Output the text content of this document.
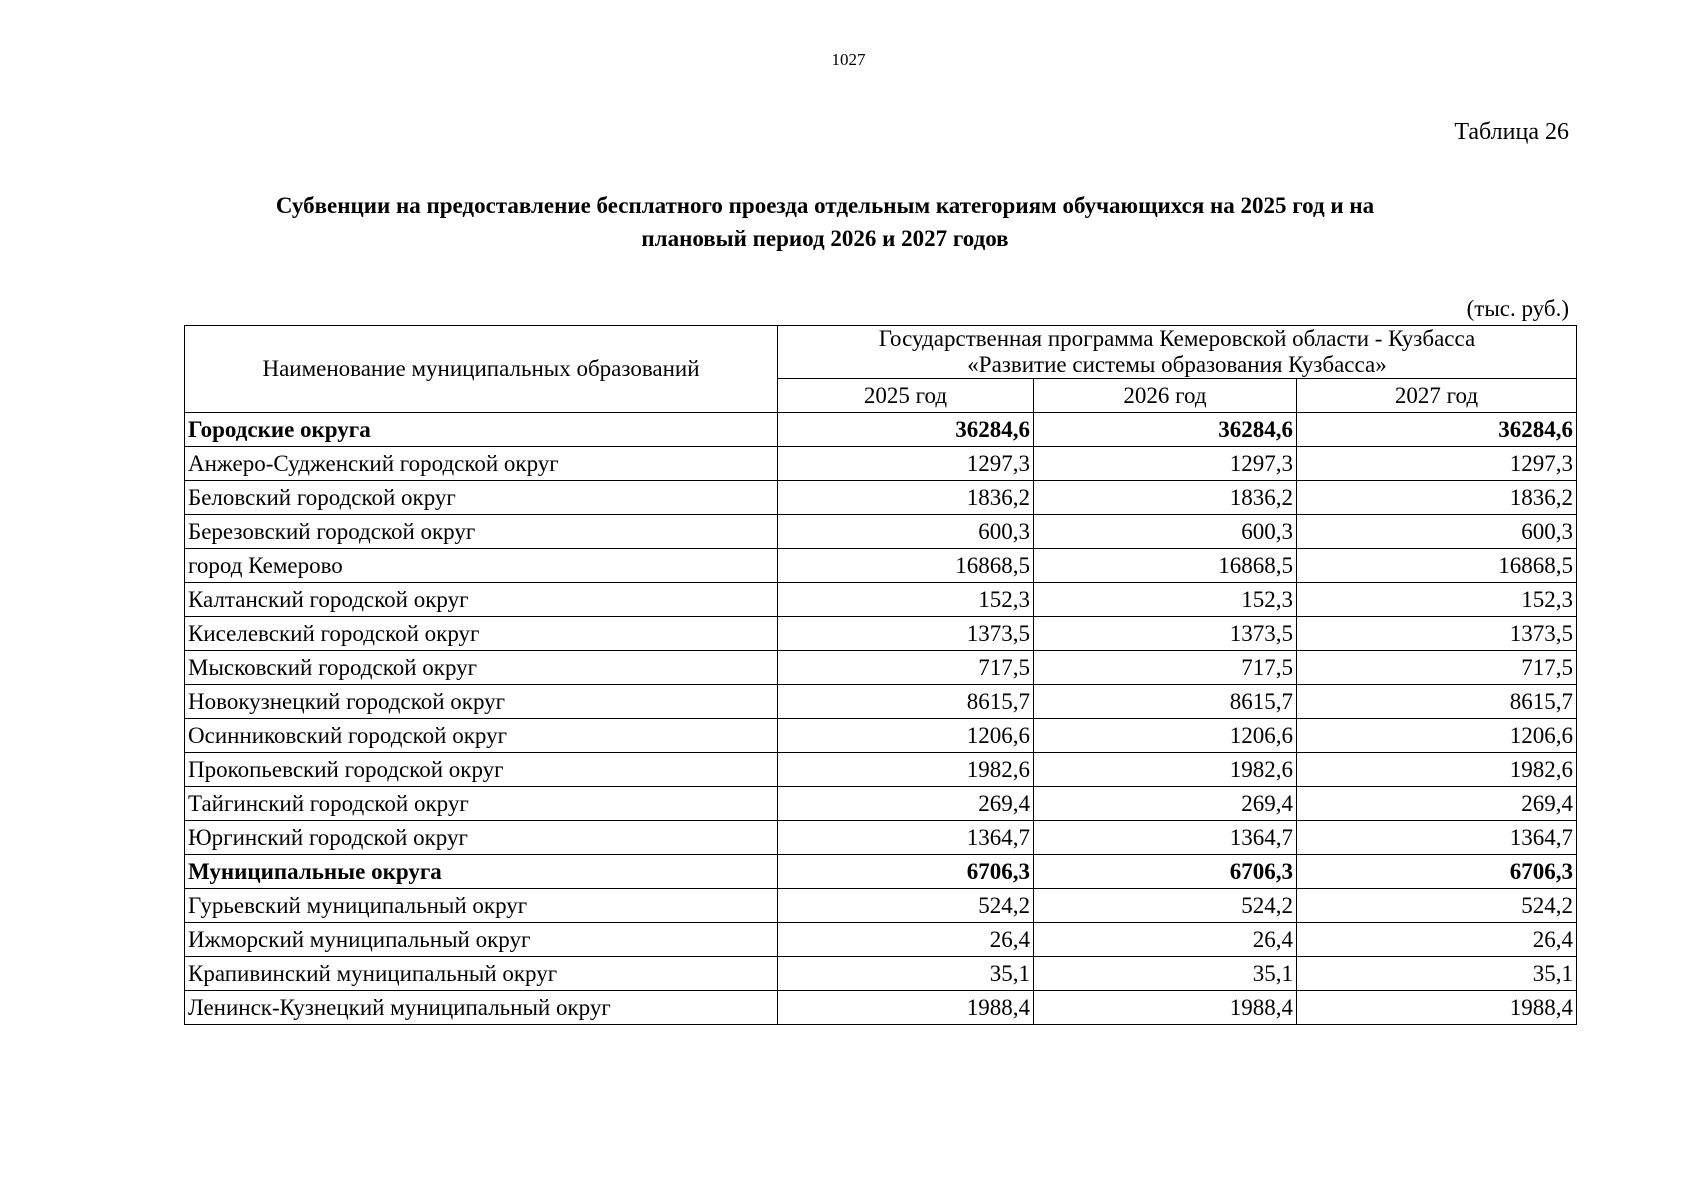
1027
Таблица 26
Субвенции на предоставление бесплатного проезда отдельным категориям обучающихся на 2025 год и на плановый период 2026 и 2027 годов
(тыс. руб.)
Наименование муниципальных образований	Государственная программа Кемеровской области - Кузбасса
«Развитие системы образования Кузбасса»		
	2025 год	2026 год	2027 год
Городские округа	36284,6	36284,6	36284,6
Анжеро-Судженский городской округ	1297,3	1297,3	1297,3
Беловский городской округ	1836,2	1836,2	1836,2
Березовский городской округ	600,3	600,3	600,3
город Кемерово	16868,5	16868,5	16868,5
Калтанский городской округ	152,3	152,3	152,3
Киселевский городской округ	1373,5	1373,5	1373,5
Мысковский городской округ	717,5	717,5	717,5
Новокузнецкий городской округ	8615,7	8615,7	8615,7
Осинниковский городской округ	1206,6	1206,6	1206,6
Прокопьевский городской округ	1982,6	1982,6	1982,6
Тайгинский городской округ	269,4	269,4	269,4
Юргинский городской округ	1364,7	1364,7	1364,7
Муниципальные округа	6706,3	6706,3	6706,3
Гурьевский муниципальный округ	524,2	524,2	524,2
Ижморский муниципальный округ	26,4	26,4	26,4
Крапивинский муниципальный округ	35,1	35,1	35,1
Ленинск-Кузнецкий муниципальный округ	1988,4	1988,4	1988,4
